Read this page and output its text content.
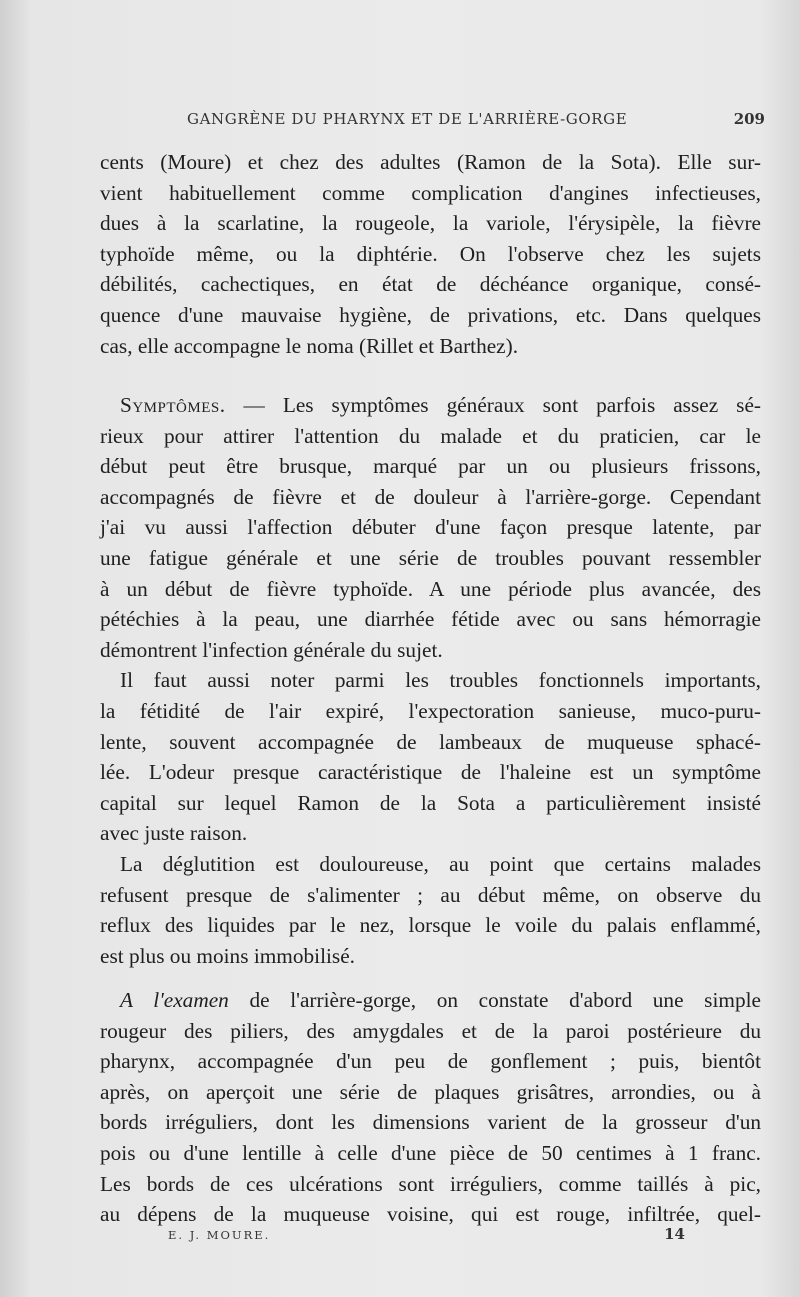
GANGRÈNE DU PHARYNX ET DE L'ARRIÈRE-GORGE	209
cents (Moure) et chez des adultes (Ramon de la Sota). Elle sur-
vient habituellement comme complication d'angines infectieuses,
dues à la scarlatine, la rougeole, la variole, l'érysipèle, la fièvre
typhoïde même, ou la diphtérie. On l'observe chez les sujets
débilités, cachectiques, en état de déchéance organique, consé-
quence d'une mauvaise hygiène, de privations, etc. Dans quelques
cas, elle accompagne le noma (Rillet et Barthez).
Symptômes. — Les symptômes généraux sont parfois assez sé-
rieux pour attirer l'attention du malade et du praticien, car le
début peut être brusque, marqué par un ou plusieurs frissons,
accompagnés de fièvre et de douleur à l'arrière-gorge. Cependant
j'ai vu aussi l'affection débuter d'une façon presque latente, par
une fatigue générale et une série de troubles pouvant ressembler
à un début de fièvre typhoïde. A une période plus avancée, des
pétéchies à la peau, une diarrhée fétide avec ou sans hémorragie
démontrent l'infection générale du sujet.
Il faut aussi noter parmi les troubles fonctionnels importants,
la fétidité de l'air expiré, l'expectoration sanieuse, muco-puru-
lente, souvent accompagnée de lambeaux de muqueuse sphacé-
lée. L'odeur presque caractéristique de l'haleine est un symptôme
capital sur lequel Ramon de la Sota a particulièrement insisté
avec juste raison.
La déglutition est douloureuse, au point que certains malades
refusent presque de s'alimenter ; au début même, on observe du
reflux des liquides par le nez, lorsque le voile du palais enflammé,
est plus ou moins immobilisé.
A l'examen de l'arrière-gorge, on constate d'abord une simple
rougeur des piliers, des amygdales et de la paroi postérieure du
pharynx, accompagnée d'un peu de gonflement ; puis, bientôt
après, on aperçoit une série de plaques grisâtres, arrondies, ou à
bords irréguliers, dont les dimensions varient de la grosseur d'un
pois ou d'une lentille à celle d'une pièce de 50 centimes à 1 franc.
Les bords de ces ulcérations sont irréguliers, comme taillés à pic,
au dépens de la muqueuse voisine, qui est rouge, infiltrée, quel-
E. J. MOURE.	14
